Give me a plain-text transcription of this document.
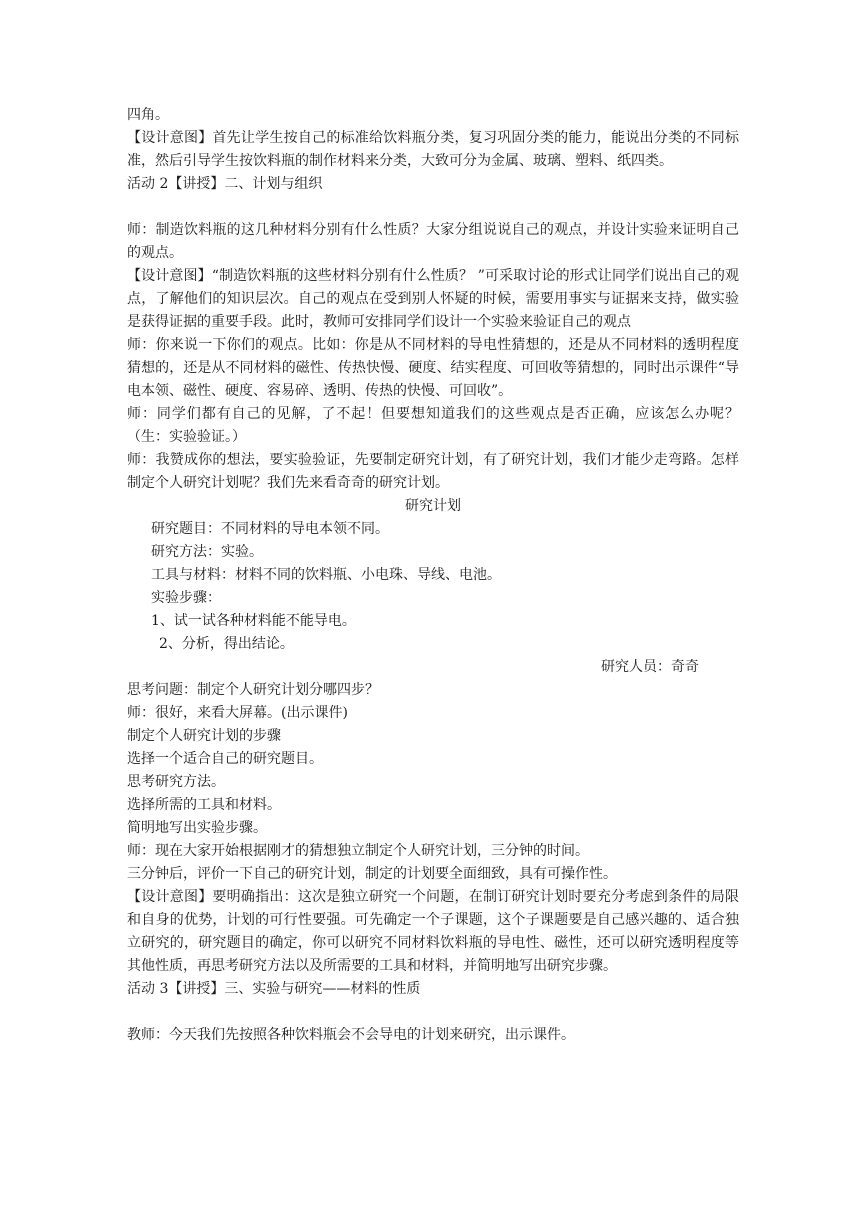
四角。

【设计意图】首先让学生按自己的标准给饮料瓶分类，复习巩固分类的能力，能说出分类的不同标准，然后引导学生按饮料瓶的制作材料来分类，大致可分为金属、玻璃、塑料、纸四类。

活动 2【讲授】二、计划与组织

师：制造饮料瓶的这几种材料分别有什么性质？大家分组说说自己的观点，并设计实验来证明自己的观点。

【设计意图】“制造饮料瓶的这些材料分别有什么性质？ ”可采取讨论的形式让同学们说出自己的观点，了解他们的知识层次。自己的观点在受到别人怀疑的时候，需要用事实与证据来支持，做实验是获得证据的重要手段。此时，教师可安排同学们设计一个实验来验证自己的观点

师：你来说一下你们的观点。比如：你是从不同材料的导电性猜想的，还是从不同材料的透明程度猜想的，还是从不同材料的磁性、传热快慢、硬度、结实程度、可回收等猜想的，同时出示课件“导电本领、磁性、硬度、容易碎、透明、传热的快慢、可回收”。

师：同学们都有自己的见解，了不起！但要想知道我们的这些观点是否正确，应该怎么办呢？（生：实验验证。）

师：我赞成你的想法，要实验验证，先要制定研究计划，有了研究计划，我们才能少走弯路。怎样制定个人研究计划呢？我们先来看奇奇的研究计划。

研究计划

研究题目：不同材料的导电本领不同。

研究方法：实验。

工具与材料：材料不同的饮料瓶、小电珠、导线、电池。

实验步骤：

1、试一试各种材料能不能导电。

2、分析，得出结论。

研究人员：奇奇

思考问题：制定个人研究计划分哪四步？

师：很好，来看大屏幕。(出示课件)

制定个人研究计划的步骤

选择一个适合自己的研究题目。

思考研究方法。

选择所需的工具和材料。

简明地写出实验步骤。

师：现在大家开始根据刚才的猜想独立制定个人研究计划，三分钟的时间。

三分钟后，评价一下自己的研究计划，制定的计划要全面细致，具有可操作性。

【设计意图】要明确指出：这次是独立研究一个问题，在制订研究计划时要充分考虑到条件的局限和自身的优势，计划的可行性要强。可先确定一个子课题，这个子课题要是自己感兴趣的、适合独立研究的，研究题目的确定，你可以研究不同材料饮料瓶的导电性、磁性，还可以研究透明程度等其他性质，再思考研究方法以及所需要的工具和材料，并简明地写出研究步骤。

活动 3【讲授】三、实验与研究——材料的性质

教师：今天我们先按照各种饮料瓶会不会导电的计划来研究，出示课件。
